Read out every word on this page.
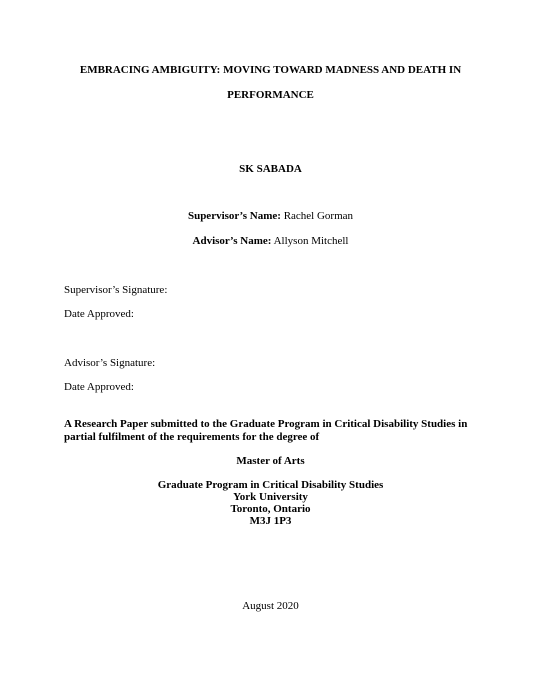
EMBRACING AMBIGUITY: MOVING TOWARD MADNESS AND DEATH IN
PERFORMANCE
SK SABADA
Supervisor’s Name: Rachel Gorman
Advisor’s Name: Allyson Mitchell
Supervisor’s Signature:
Date Approved:
Advisor’s Signature:
Date Approved:
A Research Paper submitted to the Graduate Program in Critical Disability Studies in
partial fulfilment of the requirements for the degree of
Master of Arts
Graduate Program in Critical Disability Studies
York University
Toronto, Ontario
M3J 1P3
August 2020
